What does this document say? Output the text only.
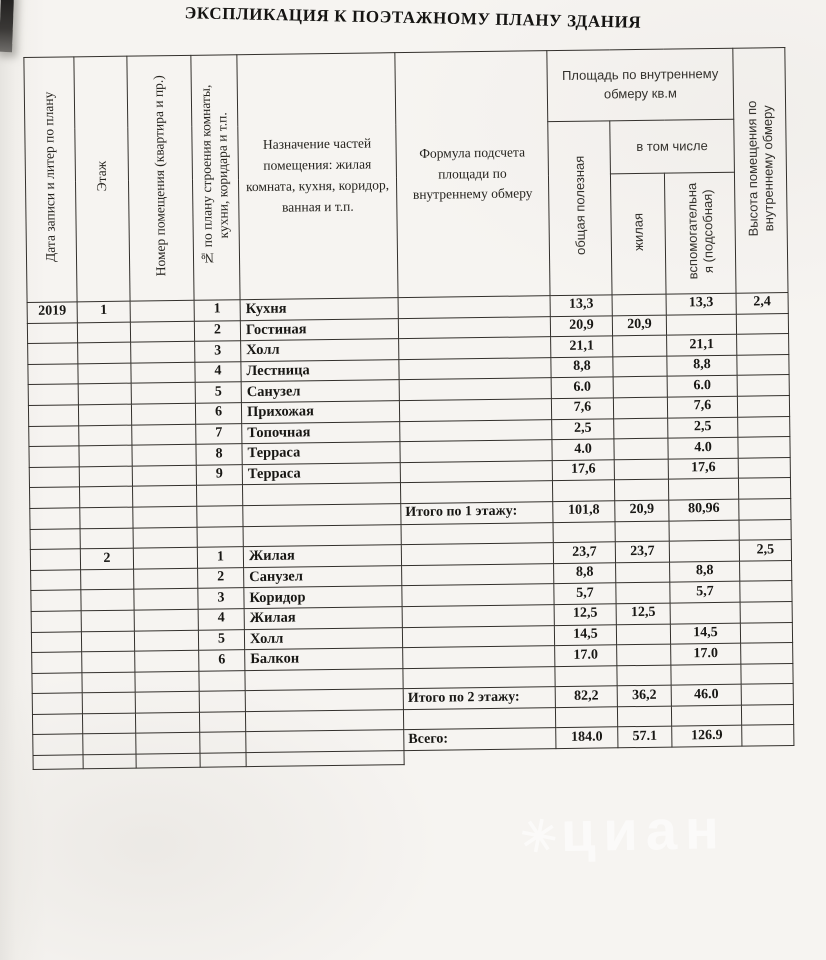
ЭКСПЛИКАЦИЯ К ПОЭТАЖНОМУ ПЛАНУ ЗДАНИЯ
Дата записи и литер по плану	Этаж	Номер помещения (квартира и пр.)	№ по плану строения комнаты, кухни, коридара и т.п.	Назначение частей помещения: жилая комната, кухня, коридор, ванная и т.п.	Формула подсчета площади по внутреннему обмеру	Площадь по внутреннему обмеру кв.м			Высота помещения по внутреннему обмеру
						общая полезная	в том числе		
							жилая	вспомогательная (подсобная)	
2019	1		1	Кухня		13,3		13,3	2,4
			2	Гостиная		20,9	20,9		
			3	Холл		21,1		21,1	
			4	Лестница		8,8		8,8	
			5	Санузел		6.0		6.0	
			6	Прихожая		7,6		7,6	
			7	Топочная		2,5		2,5	
			8	Терраса		4.0		4.0	
			9	Терраса		17,6		17,6	

					Итого по 1 этажу:	101,8	20,9	80,96	

	2		1	Жилая		23,7	23,7		2,5
			2	Санузел		8,8		8,8	
			3	Коридор		5,7		5,7	
			4	Жилая		12,5	12,5		
			5	Холл		14,5		14,5	
			6	Балкон		17.0		17.0	

					Итого по 2 этажу:	82,2	36,2	46.0	

					Всего:	184.0	57.1	126.9	

✳циан
